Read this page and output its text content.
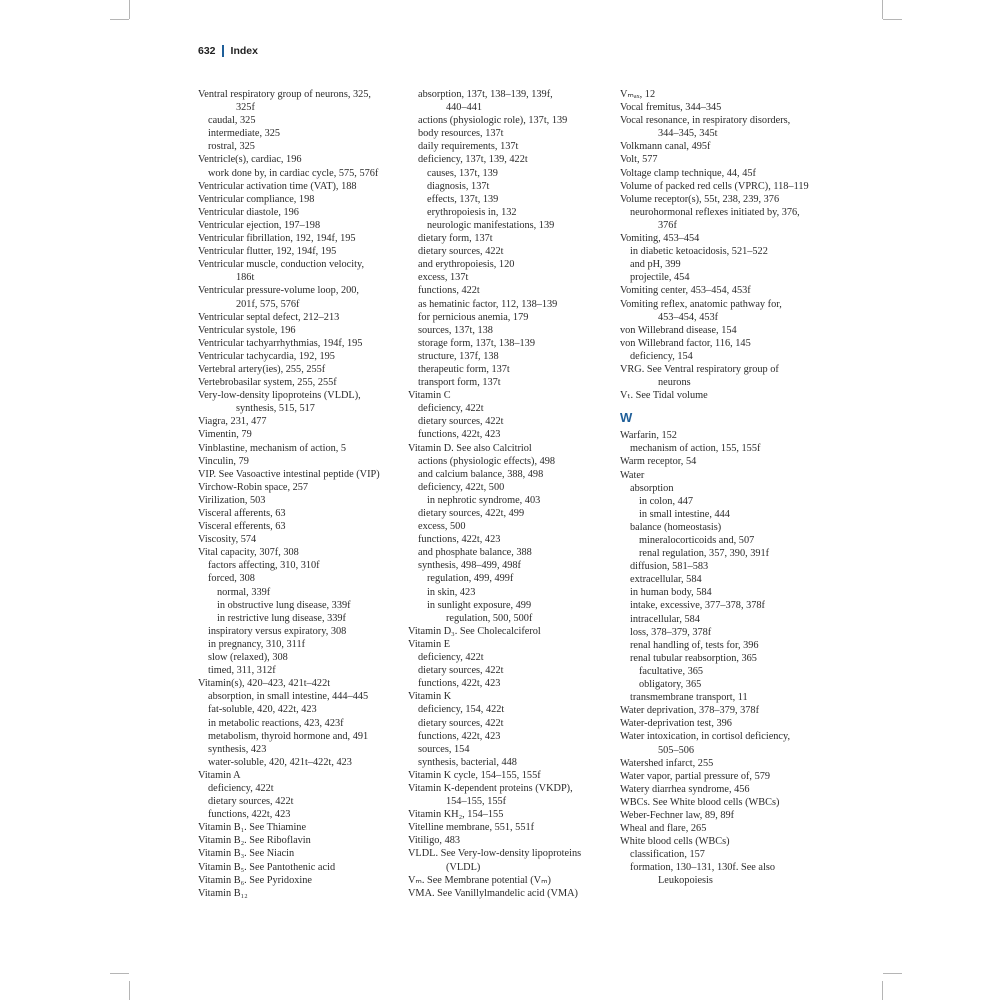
632 Index
Ventral respiratory group of neurons, 325,
325f
caudal, 325
intermediate, 325
rostral, 325
Ventricle(s), cardiac, 196
work done by, in cardiac cycle, 575, 576f
Ventricular activation time (VAT), 188
Ventricular compliance, 198
Ventricular diastole, 196
Ventricular ejection, 197–198
Ventricular fibrillation, 192, 194f, 195
Ventricular flutter, 192, 194f, 195
Ventricular muscle, conduction velocity,
186t
Ventricular pressure-volume loop, 200,
201f, 575, 576f
Ventricular septal defect, 212–213
Ventricular systole, 196
Ventricular tachyarrhythmias, 194f, 195
Ventricular tachycardia, 192, 195
Vertebral artery(ies), 255, 255f
Vertebrobasilar system, 255, 255f
Very-low-density lipoproteins (VLDL),
synthesis, 515, 517
Viagra, 231, 477
Vimentin, 79
Vinblastine, mechanism of action, 5
Vinculin, 79
VIP. See Vasoactive intestinal peptide (VIP)
Virchow-Robin space, 257
Virilization, 503
Visceral afferents, 63
Visceral efferents, 63
Viscosity, 574
Vital capacity, 307f, 308
factors affecting, 310, 310f
forced, 308
normal, 339f
in obstructive lung disease, 339f
in restrictive lung disease, 339f
inspiratory versus expiratory, 308
in pregnancy, 310, 311f
slow (relaxed), 308
timed, 311, 312f
Vitamin(s), 420–423, 421t–422t
absorption, in small intestine, 444–445
fat-soluble, 420, 422t, 423
in metabolic reactions, 423, 423f
metabolism, thyroid hormone and, 491
synthesis, 423
water-soluble, 420, 421t–422t, 423
Vitamin A
deficiency, 422t
dietary sources, 422t
functions, 422t, 423
Vitamin B₁. See Thiamine
Vitamin B₂. See Riboflavin
Vitamin B₃. See Niacin
Vitamin B₅. See Pantothenic acid
Vitamin B₆. See Pyridoxine
Vitamin B₁₂
absorption, 137t, 138–139, 139f,
440–441
actions (physiologic role), 137t, 139
body resources, 137t
daily requirements, 137t
deficiency, 137t, 139, 422t
causes, 137t, 139
diagnosis, 137t
effects, 137t, 139
erythropoiesis in, 132
neurologic manifestations, 139
dietary form, 137t
dietary sources, 422t
and erythropoiesis, 120
excess, 137t
functions, 422t
as hematinic factor, 112, 138–139
for pernicious anemia, 179
sources, 137t, 138
storage form, 137t, 138–139
structure, 137f, 138
therapeutic form, 137t
transport form, 137t
Vitamin C
deficiency, 422t
dietary sources, 422t
functions, 422t, 423
Vitamin D. See also Calcitriol
actions (physiologic effects), 498
and calcium balance, 388, 498
deficiency, 422t, 500
in nephrotic syndrome, 403
dietary sources, 422t, 499
excess, 500
functions, 422t, 423
and phosphate balance, 388
synthesis, 498–499, 498f
regulation, 499, 499f
in skin, 423
in sunlight exposure, 499
regulation, 500, 500f
Vitamin D₃. See Cholecalciferol
Vitamin E
deficiency, 422t
dietary sources, 422t
functions, 422t, 423
Vitamin K
deficiency, 154, 422t
dietary sources, 422t
functions, 422t, 423
sources, 154
synthesis, bacterial, 448
Vitamin K cycle, 154–155, 155f
Vitamin K-dependent proteins (VKDP),
154–155, 155f
Vitamin KH₂, 154–155
Vitelline membrane, 551, 551f
Vitiligo, 483
VLDL. See Very-low-density lipoproteins
(VLDL)
Vₘ. See Membrane potential (Vₘ)
VMA. See Vanillylmandelic acid (VMA)
Vₘₐₓ, 12
Vocal fremitus, 344–345
Vocal resonance, in respiratory disorders,
344–345, 345t
Volkmann canal, 495f
Volt, 577
Voltage clamp technique, 44, 45f
Volume of packed red cells (VPRC), 118–119
Volume receptor(s), 55t, 238, 239, 376
neurohormonal reflexes initiated by, 376,
376f
Vomiting, 453–454
in diabetic ketoacidosis, 521–522
and pH, 399
projectile, 454
Vomiting center, 453–454, 453f
Vomiting reflex, anatomic pathway for,
453–454, 453f
von Willebrand disease, 154
von Willebrand factor, 116, 145
deficiency, 154
VRG. See Ventral respiratory group of
neurons
Vₜ. See Tidal volume
W
Warfarin, 152
mechanism of action, 155, 155f
Warm receptor, 54
Water
absorption
in colon, 447
in small intestine, 444
balance (homeostasis)
mineralocorticoids and, 507
renal regulation, 357, 390, 391f
diffusion, 581–583
extracellular, 584
in human body, 584
intake, excessive, 377–378, 378f
intracellular, 584
loss, 378–379, 378f
renal handling of, tests for, 396
renal tubular reabsorption, 365
facultative, 365
obligatory, 365
transmembrane transport, 11
Water deprivation, 378–379, 378f
Water-deprivation test, 396
Water intoxication, in cortisol deficiency,
505–506
Watershed infarct, 255
Water vapor, partial pressure of, 579
Watery diarrhea syndrome, 456
WBCs. See White blood cells (WBCs)
Weber-Fechner law, 89, 89f
Wheal and flare, 265
White blood cells (WBCs)
classification, 157
formation, 130–131, 130f. See also
Leukopoiesis
